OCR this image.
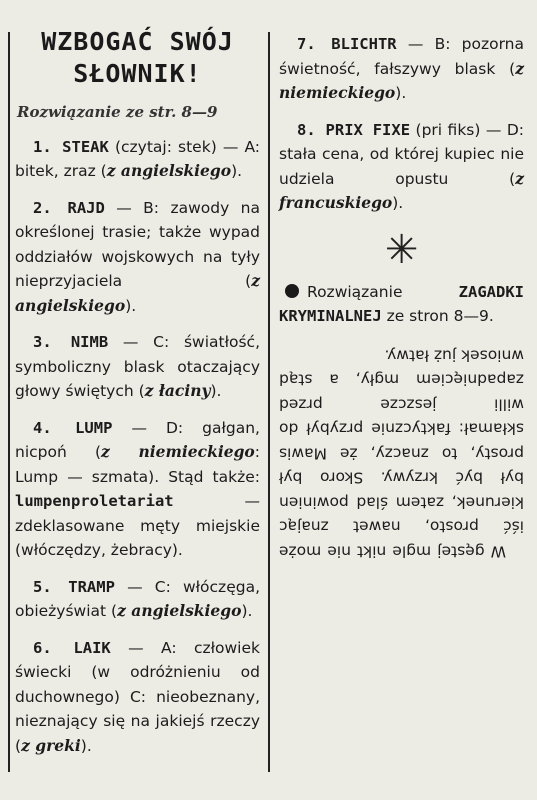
WZBOGAĆ SWÓJ
SŁOWNIK!
Rozwiązanie ze str. 8—9

1. STEAK (czytaj: stek) — A: bitek, zraz (z angielskiego).

2. RAJD — B: zawody na określonej trasie; także wypad oddziałów wojskowych na tyły nieprzyjaciela (z angielskiego).

3. NIMB — C: światłość, symboliczny blask otaczający głowy świętych (z łaciny).

4. LUMP — D: gałgan, nicpoń (z niemieckiego: Lump — szmata). Stąd także: lumpenproletariat — zdeklasowane męty miejskie (włóczędzy, żebracy).

5. TRAMP — C: włóczęga, obieżyświat (z angielskiego).

6. LAIK — A: człowiek świecki (w odróżnieniu od duchownego) C: nieobeznany, nieznający się na jakiejś rzeczy (z greki).

7. BLICHTR — B: pozorna świetność, fałszywy blask (z niemieckiego).

8. PRIX FIXE (pri fiks) — D: stała cena, od której kupiec nie udziela opustu (z francuskiego).

✳

Rozwiązanie	ZAGADKI KRYMINALNEJ ze stron 8—9.

W gęstej mgle nikt nie może iść prosto, nawet znając kierunek, zatem ślad powinien był być krzywy. Skoro był prosty, to znaczy, że Mawis skłamał: faktycznie przybył do willi jeszcze przed zapadnięciem mgły, a stąd wniosek już łatwy.
